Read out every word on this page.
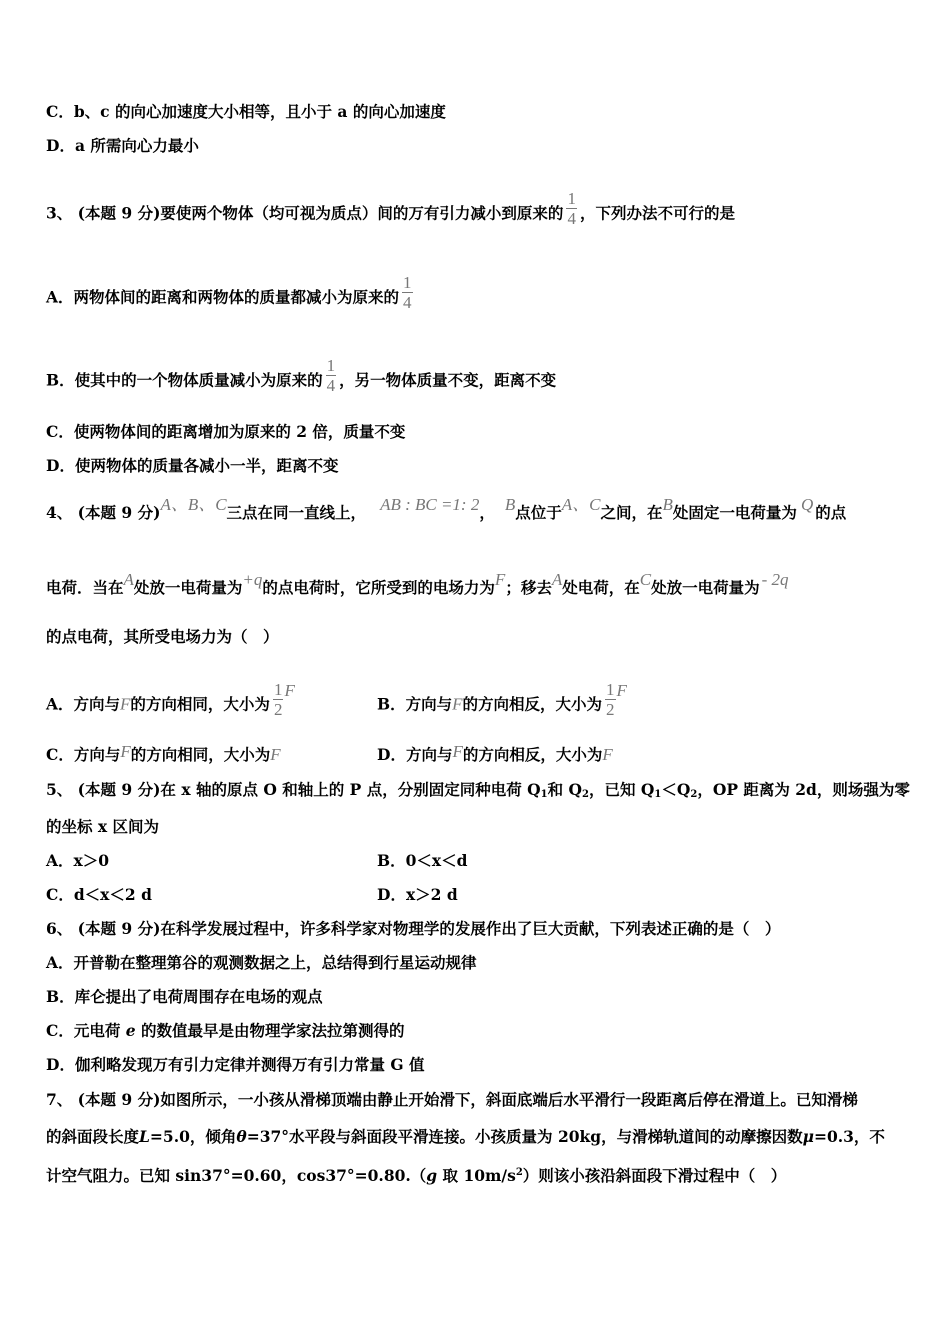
C．b、c 的向心加速度大小相等，且小于 a 的向心加速度
D．a 所需向心力最小
3、 (本题 9 分)要使两个物体（均可视为质点）间的万有引力减小到原来的 $\frac{1}{4}$ ，下列办法不可行的是
A．两物体间的距离和两物体的质量都减小为原来的 $\frac{1}{4}$
B．使其中的一个物体质量减小为原来的 $\frac{1}{4}$ ，另一物体质量不变，距离不变
C．使两物体间的距离增加为原来的 2 倍，质量不变
D．使两物体的质量各减小一半，距离不变
4、 (本题 9 分)A、B、C三点在同一直线上， AB : BC =1: 2， B点位于A、C之间，在B处固定一电荷量为 Q 的点
电荷．当在A处放一电荷量为+q的点电荷时，它所受到的电场力为F；移去A处电荷，在C处放一电荷量为 - 2q
的点电荷，其所受电场力为（　）
A．方向与F的方向相同，大小为 $\frac{1}{2}$ F
B．方向与F的方向相反，大小为 $\frac{1}{2}$ F
C．方向与F的方向相同，大小为F	D．方向与F的方向相反，大小为F
5、 (本题 9 分)在 x 轴的原点 O 和轴上的 P 点，分别固定同种电荷 $Q_1$和 $Q_2$，已知 $Q_1<Q_2$，OP 距离为 2d，则场强为零
的坐标 x 区间为
A．x＞0	B．0＜x＜d
C．d＜x＜2 d	D．x＞2 d
6、 (本题 9 分)在科学发展过程中，许多科学家对物理学的发展作出了巨大贡献，下列表述正确的是（　）
A．开普勒在整理第谷的观测数据之上，总结得到行星运动规律
B．库仑提出了电荷周围存在电场的观点
C．元电荷 e 的数值最早是由物理学家法拉第测得的
D．伽利略发现万有引力定律并测得万有引力常量 G 值
7、 (本题 9 分)如图所示，一小孩从滑梯顶端由静止开始滑下，斜面底端后水平滑行一段距离后停在滑道上。已知滑梯
的斜面段长度L=5.0，倾角θ=37°水平段与斜面段平滑连接。小孩质量为 20kg，与滑梯轨道间的动摩擦因数μ=0.3，不
计空气阻力。已知 sin37°=0.60，cos37°=0.80.（g 取 $10m/s^2$）则该小孩沿斜面段下滑过程中（　）
